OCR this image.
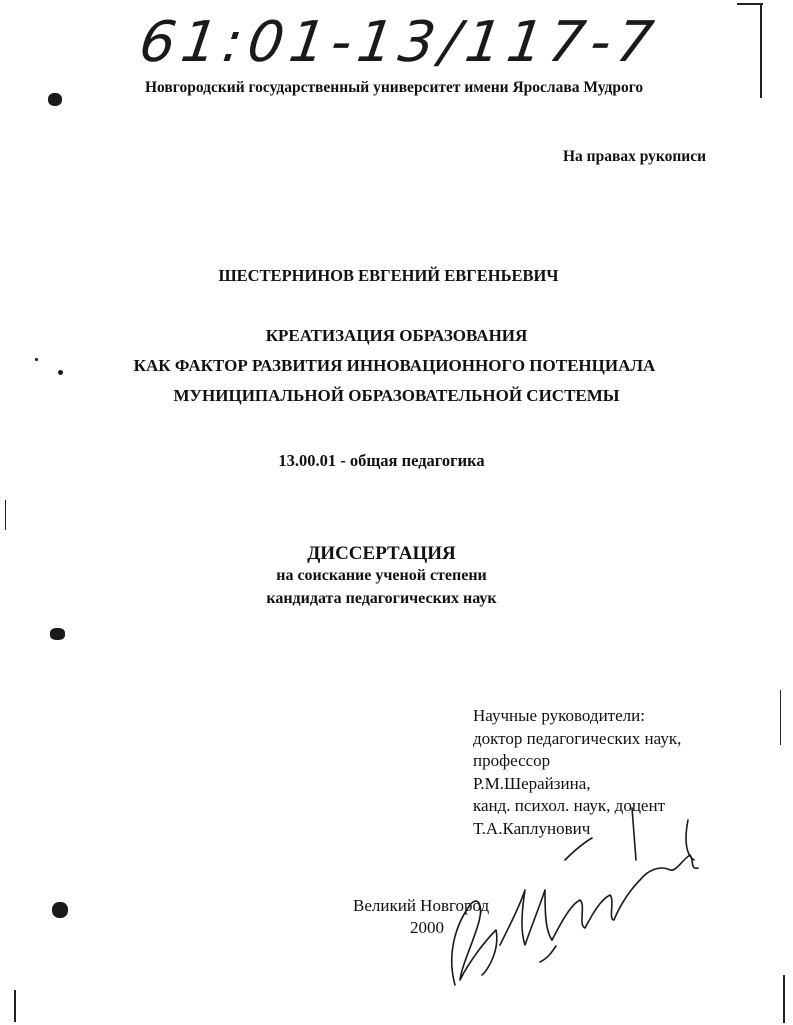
61:01-13/117-7
Новгородский государственный университет имени Ярослава Мудрого
На правах рукописи
ШЕСТЕРНИНОВ ЕВГЕНИЙ ЕВГЕНЬЕВИЧ
КРЕАТИЗАЦИЯ ОБРАЗОВАНИЯ
КАК ФАКТОР РАЗВИТИЯ ИННОВАЦИОННОГО ПОТЕНЦИАЛА
МУНИЦИПАЛЬНОЙ ОБРАЗОВАТЕЛЬНОЙ СИСТЕМЫ
13.00.01 - общая педагогика
ДИССЕРТАЦИЯ
на соискание ученой степени
кандидата педагогических наук
Научные руководители:
доктор педагогических наук,
профессор
Р.М.Шерайзина,
канд. психол. наук, доцент
Т.А.Каплунович
Великий Новгород
2000
